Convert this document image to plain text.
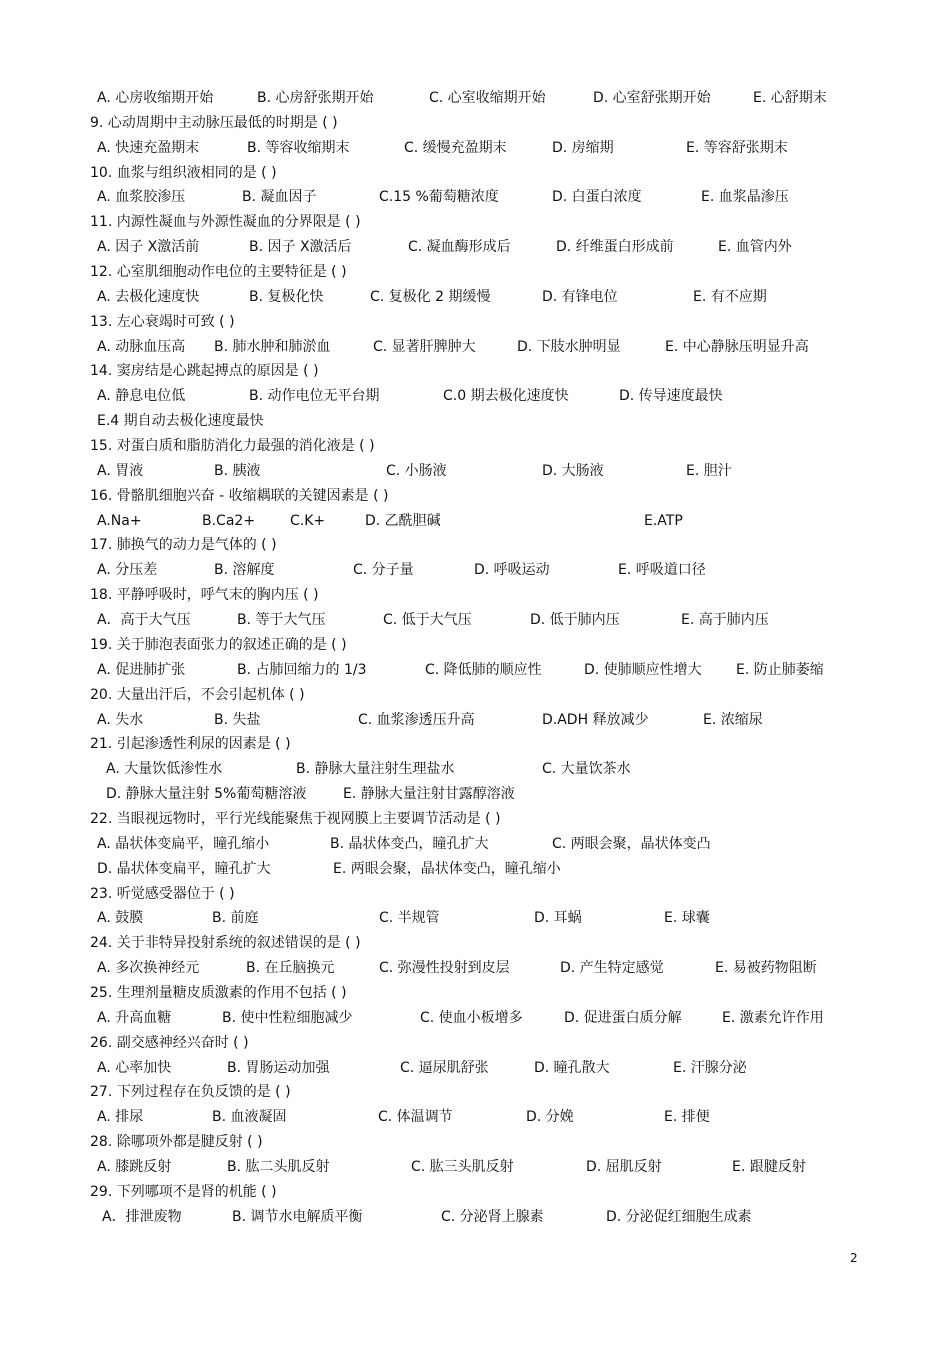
A. 心房收缩期开始	B. 心房舒张期开始	C. 心室收缩期开始	D. 心室舒张期开始	E. 心舒期末
9. 心动周期中主动脉压最低的时期是 ( )
A. 快速充盈期末	B. 等容收缩期末	C. 缓慢充盈期末	D. 房缩期	E. 等容舒张期末
10. 血浆与组织液相同的是 ( )
A. 血浆胶渗压	B. 凝血因子	C.15 %葡萄糖浓度	D. 白蛋白浓度	E. 血浆晶渗压
11. 内源性凝血与外源性凝血的分界限是 ( )
A. 因子 X激活前	B. 因子 X激活后	C. 凝血酶形成后	D. 纤维蛋白形成前	E. 血管内外
12. 心室肌细胞动作电位的主要特征是 ( )
A. 去极化速度快	B. 复极化快	C. 复极化 2 期缓慢	D. 有锋电位	E. 有不应期
13. 左心衰竭时可致 ( )
A. 动脉血压高 B. 肺水肿和肺淤血	C. 显著肝脾肿大	D. 下肢水肿明显	E. 中心静脉压明显升高
14. 窦房结是心跳起搏点的原因是 ( )
A. 静息电位低	B. 动作电位无平台期	C.0 期去极化速度快	D. 传导速度最快
E.4 期自动去极化速度最快
15. 对蛋白质和脂肪消化力最强的消化液是 ( )
A. 胃液	B. 胰液	C. 小肠液	D. 大肠液	E. 胆汁
16. 骨骼肌细胞兴奋 - 收缩耦联的关键因素是 ( )
A.Na+	B.Ca2+ C.K+	D. 乙酰胆碱	E.ATP
17. 肺换气的动力是气体的 ( )
A. 分压差	B. 溶解度	C. 分子量	D. 呼吸运动	E. 呼吸道口径
18. 平静呼吸时，呼气末的胸内压 ( )
A．高于大气压	B. 等于大气压	C. 低于大气压	D. 低于肺内压	E. 高于肺内压
19. 关于肺泡表面张力的叙述正确的是 ( )
A. 促进肺扩张	B. 占肺回缩力的 1/3	C. 降低肺的顺应性	D. 使肺顺应性增大 E. 防止肺萎缩
20. 大量出汗后，不会引起机体 ( )
A. 失水	B. 失盐	C. 血浆渗透压升高	D.ADH 释放减少	E. 浓缩尿
21. 引起渗透性利尿的因素是 ( )
A. 大量饮低渗性水	B. 静脉大量注射生理盐水	C. 大量饮茶水
D. 静脉大量注射 5%葡萄糖溶液	E. 静脉大量注射甘露醇溶液
22. 当眼视远物时，平行光线能聚焦于视网膜上主要调节活动是 ( )
A. 晶状体变扁平，瞳孔缩小	B. 晶状体变凸，瞳孔扩大	C. 两眼会聚，晶状体变凸
D. 晶状体变扁平，瞳孔扩大	E. 两眼会聚，晶状体变凸，瞳孔缩小
23. 听觉感受器位于 ( )
A. 鼓膜	B. 前庭	C. 半规管	D. 耳蜗	E. 球囊
24. 关于非特异投射系统的叙述错误的是 ( )
A. 多次换神经元	B. 在丘脑换元	C. 弥漫性投射到皮层	D. 产生特定感觉	E. 易被药物阻断
25. 生理剂量糖皮质激素的作用不包括 ( )
A. 升高血糖	B. 使中性粒细胞减少	C. 使血小板增多	D. 促进蛋白质分解	E. 激素允许作用
26. 副交感神经兴奋时 ( )
A. 心率加快	B. 胃肠运动加强	C. 逼尿肌舒张	D. 瞳孔散大	E. 汗腺分泌
27. 下列过程存在负反馈的是 ( )
A. 排尿	B. 血液凝固	C. 体温调节	D. 分娩	E. 排便
28. 除哪项外都是腱反射 ( )
A. 膝跳反射	B. 肱二头肌反射	C. 肱三头肌反射	D. 屈肌反射	E. 跟腱反射
29. 下列哪项不是肾的机能 ( )
A．排泄废物	B. 调节水电解质平衡	C. 分泌肾上腺素	D. 分泌促红细胞生成素
2
